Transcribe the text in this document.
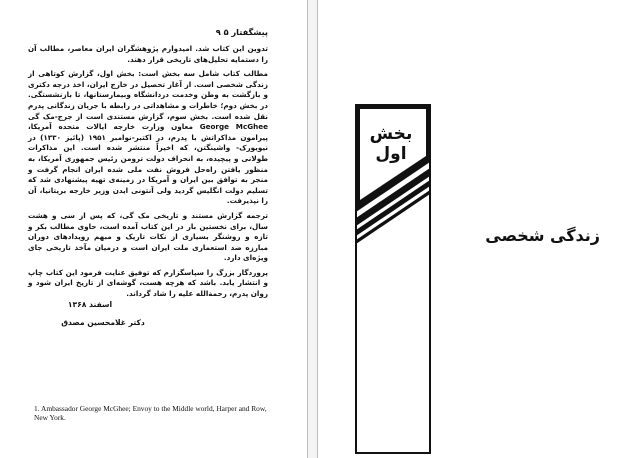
پیشگفتار ۵ ۹

تدوین این کتاب شد. امیدوارم پژوهشگران ایران معاصر، مطالب آن را دستمایه تحلیل‌های تاریخی قرار دهند.

مطالب کتاب شامل سه بخش است: بخش اول، گزارش کوتاهی از زندگی شخصی است. از آغاز تحصیل در خارج ایران، اخذ درجه دکتری و بازگشت به وطن وخدمت دردانشگاه وبیمارستانها، تا بازنشستگی. در بخش دوم؛ خاطرات و مشاهداتی در رابطه با جریان زندگانی پدرم نقل شده است. بخش سوم، گزارش مستندی است از جرج-مک گی George McGhee معاون وزارت خارجه ایالات متحده آمریکا، پیرامون مذاکراتش با پدرم، در اکتبر-نوامبر ۱۹۵۱ (پائیز ۱۳۳۰) در نیویورک- واشینگتن، که اخیراً منتشر شده است. این مذاکرات طولانی و پیچیده، به انحراف دولت ترومن رئیس جمهوری آمریکا، به منظور یافتن راه‌حل فروش نفت ملی شده ایران انجام گرفت و منجر به توافق بین ایران و آمریکا در زمینه‌ی تهیه پیشنهادی شد که تسلیم دولت انگلیس گردید ولی آنتونی ایدن وزیر خارجه بریتانیا، آن را نپذیرفت.

ترجمه گزارش مستند و تاریخی مک گی، که پس از سی و هشت سال، برای نخستین بار در این کتاب آمده است، حاوی مطالب بکر و تازه و روشنگر بسیاری از نکات تاریک و مبهم رویدادهای دوران مبارزه ضد استعماری ملت ایران است و درمیان مآخذ تاریخی جای ویژه‌ای دارد.

پروردگار بزرگ را سپاسگزارم که توفیق عنایت فرمود این کتاب چاپ و انتشار یابد. باشد که هرچه هست، گوشه‌ای از تاریخ ایران شود و روان پدرم، رحمةالله علیه را شاد گرداند.

اسفند ۱۳۶۸
دکتر غلامحسین مصدق
1. Ambassador George McGhee; Envoy to the Middle world, Harper and Row, New York.
بخش اول
زندگی شخصی
